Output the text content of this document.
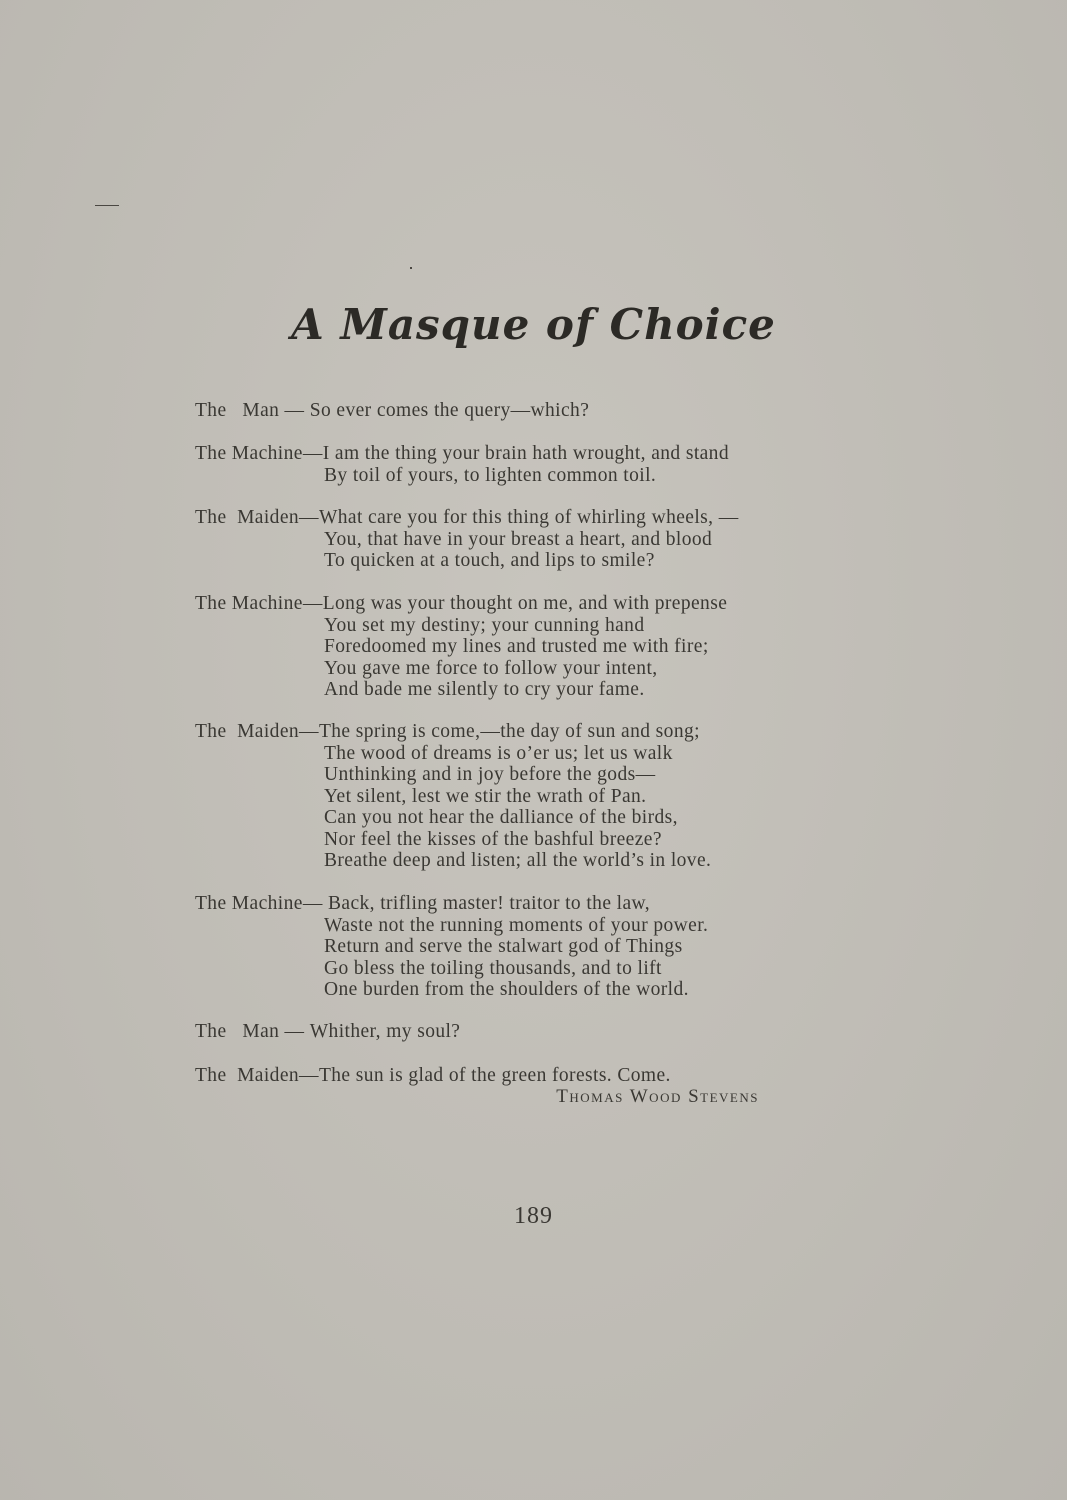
A Masque of Choice
The   Man — So ever comes the query—which?
The Machine—I am the thing your brain hath wrought, and stand
By toil of yours, to lighten common toil.
The  Maiden—What care you for this thing of whirling wheels, —
You, that have in your breast a heart, and blood
To quicken at a touch, and lips to smile?
The Machine—Long was your thought on me, and with prepense
You set my destiny; your cunning hand
Foredoomed my lines and trusted me with fire;
You gave me force to follow your intent,
And bade me silently to cry your fame.
The  Maiden—The spring is come,—the day of sun and song;
The wood of dreams is o’er us; let us walk
Unthinking and in joy before the gods—
Yet silent, lest we stir the wrath of Pan.
Can you not hear the dalliance of the birds,
Nor feel the kisses of the bashful breeze?
Breathe deep and listen; all the world’s in love.
The Machine— Back, trifling master! traitor to the law,
Waste not the running moments of your power.
Return and serve the stalwart god of Things
Go bless the toiling thousands, and to lift
One burden from the shoulders of the world.
The   Man — Whither, my soul?
The  Maiden—The sun is glad of the green forests. Come.
Thomas Wood Stevens
189
